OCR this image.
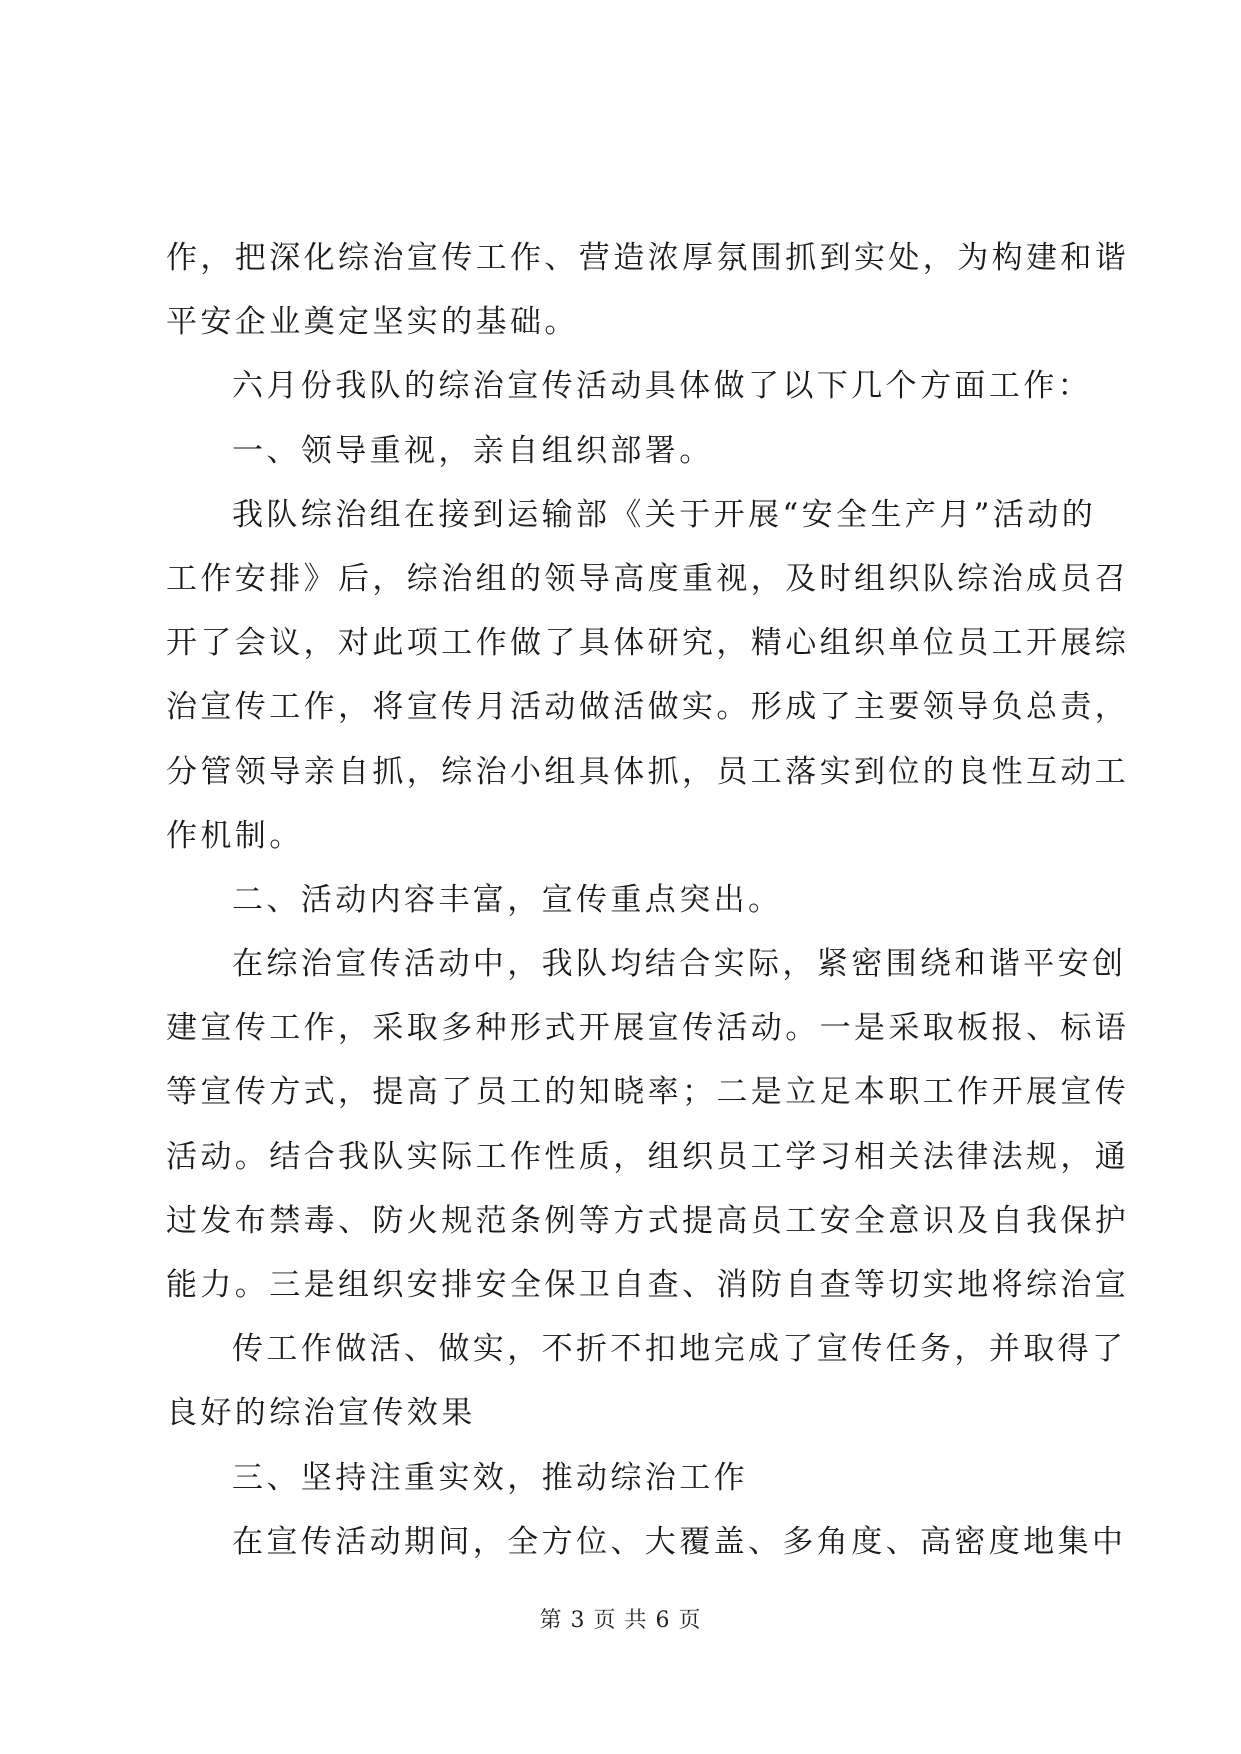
作，把深化综治宣传工作、营造浓厚氛围抓到实处，为构建和谐
平安企业奠定坚实的基础。
六月份我队的综治宣传活动具体做了以下几个方面工作：
一、领导重视，亲自组织部署。
我队综治组在接到运输部《关于开展“安全生产月”活动的
工作安排》后，综治组的领导高度重视，及时组织队综治成员召
开了会议，对此项工作做了具体研究，精心组织单位员工开展综
治宣传工作，将宣传月活动做活做实。形成了主要领导负总责，
分管领导亲自抓，综治小组具体抓，员工落实到位的良性互动工
作机制。
二、活动内容丰富，宣传重点突出。
在综治宣传活动中，我队均结合实际，紧密围绕和谐平安创
建宣传工作，采取多种形式开展宣传活动。一是采取板报、标语
等宣传方式，提高了员工的知晓率；二是立足本职工作开展宣传
活动。结合我队实际工作性质，组织员工学习相关法律法规，通
过发布禁毒、防火规范条例等方式提高员工安全意识及自我保护
能力。三是组织安排安全保卫自查、消防自查等切实地将综治宣
传工作做活、做实，不折不扣地完成了宣传任务，并取得了
良好的综治宣传效果
三、坚持注重实效，推动综治工作
在宣传活动期间，全方位、大覆盖、多角度、高密度地集中
第 3 页 共 6 页
